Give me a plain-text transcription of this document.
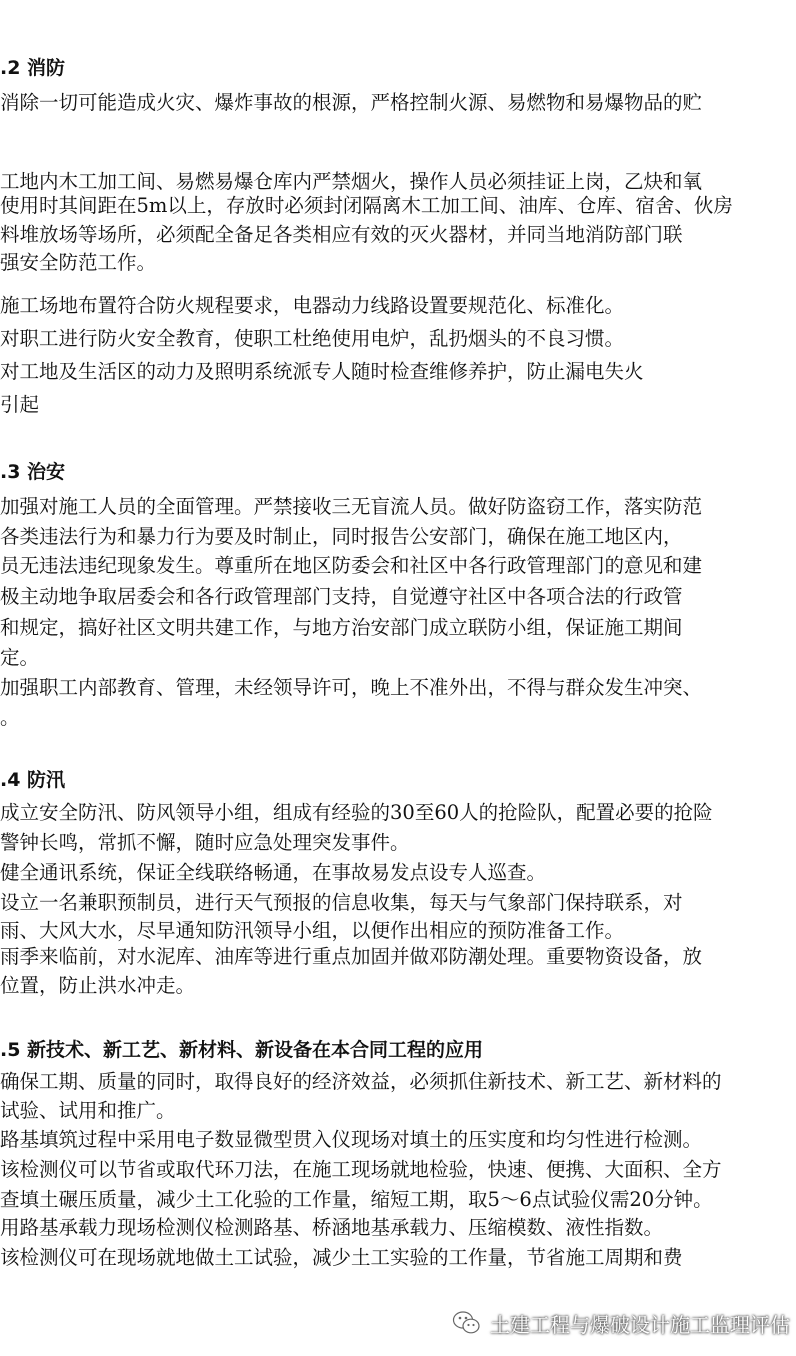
.2 消防
消除一切可能造成火灾、爆炸事故的根源，严格控制火源、易燃物和易爆物品的贮
工地内木工加工间、易燃易爆仓库内严禁烟火，操作人员必须挂证上岗，乙炔和氧
使用时其间距在5m以上，存放时必须封闭隔离木工加工间、油库、仓库、宿舍、伙房
料堆放场等场所，必须配全备足各类相应有效的灭火器材，并同当地消防部门联
强安全防范工作。
施工场地布置符合防火规程要求，电器动力线路设置要规范化、标准化。
对职工进行防火安全教育，使职工杜绝使用电炉，乱扔烟头的不良习惯。
对工地及生活区的动力及照明系统派专人随时检查维修养护，防止漏电失火
引起
.3 治安
加强对施工人员的全面管理。严禁接收三无盲流人员。做好防盗窃工作，落实防范
各类违法行为和暴力行为要及时制止，同时报告公安部门，确保在施工地区内，
员无违法违纪现象发生。尊重所在地区防委会和社区中各行政管理部门的意见和建
极主动地争取居委会和各行政管理部门支持，自觉遵守社区中各项合法的行政管
和规定，搞好社区文明共建工作，与地方治安部门成立联防小组，保证施工期间
定。
加强职工内部教育、管理，未经领导许可，晚上不准外出，不得与群众发生冲突、
。
.4 防汛
成立安全防汛、防风领导小组，组成有经验的30至60人的抢险队，配置必要的抢险
警钟长鸣，常抓不懈，随时应急处理突发事件。
健全通讯系统，保证全线联络畅通，在事故易发点设专人巡查。
设立一名兼职预制员，进行天气预报的信息收集，每天与气象部门保持联系，对
雨、大风大水，尽早通知防汛领导小组，以便作出相应的预防准备工作。
雨季来临前，对水泥库、油库等进行重点加固并做邓防潮处理。重要物资设备，放
位置，防止洪水冲走。
.5 新技术、新工艺、新材料、新设备在本合同工程的应用
确保工期、质量的同时，取得良好的经济效益，必须抓住新技术、新工艺、新材料的
试验、试用和推广。
路基填筑过程中采用电子数显微型贯入仪现场对填土的压实度和均匀性进行检测。
该检测仪可以节省或取代环刀法，在施工现场就地检验，快速、便携、大面积、全方
查填土碾压质量，减少土工化验的工作量，缩短工期，取5～6点试验仪需20分钟。
用路基承载力现场检测仪检测路基、桥涵地基承载力、压缩模数、液性指数。
该检测仪可在现场就地做土工试验，减少土工实验的工作量，节省施工周期和费
土建工程与爆破设计施工监理评估
